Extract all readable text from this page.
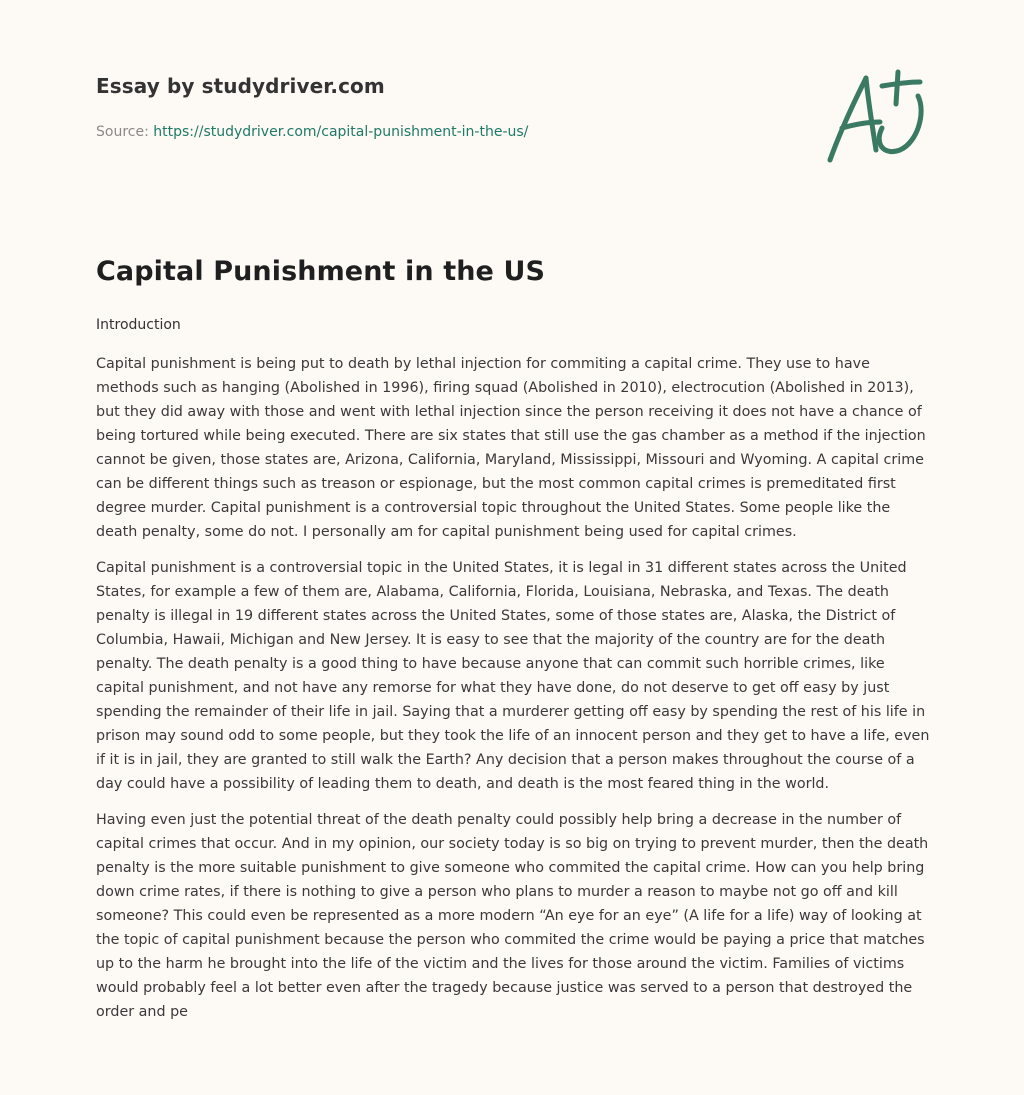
Essay by studydriver.com
Source: https://studydriver.com/capital-punishment-in-the-us/
Capital Punishment in the US

Introduction

Capital punishment is being put to death by lethal injection for commiting a capital crime. They use to have methods such as hanging (Abolished in 1996), firing squad (Abolished in 2010), electrocution (Abolished in 2013), but they did away with those and went with lethal injection since the person receiving it does not have a chance of being tortured while being executed. There are six states that still use the gas chamber as a method if the injection cannot be given, those states are, Arizona, California, Maryland, Mississippi, Missouri and Wyoming. A capital crime can be different things such as treason or espionage, but the most common capital crimes is premeditated first degree murder. Capital punishment is a controversial topic throughout the United States. Some people like the death penalty, some do not. I personally am for capital punishment being used for capital crimes.

Capital punishment is a controversial topic in the United States, it is legal in 31 different states across the United States, for example a few of them are, Alabama, California, Florida, Louisiana, Nebraska, and Texas. The death penalty is illegal in 19 different states across the United States, some of those states are, Alaska, the District of Columbia, Hawaii, Michigan and New Jersey. It is easy to see that the majority of the country are for the death penalty. The death penalty is a good thing to have because anyone that can commit such horrible crimes, like capital punishment, and not have any remorse for what they have done, do not deserve to get off easy by just spending the remainder of their life in jail. Saying that a murderer getting off easy by spending the rest of his life in prison may sound odd to some people, but they took the life of an innocent person and they get to have a life, even if it is in jail, they are granted to still walk the Earth? Any decision that a person makes throughout the course of a day could have a possibility of leading them to death, and death is the most feared thing in the world.

Having even just the potential threat of the death penalty could possibly help bring a decrease in the number of capital crimes that occur. And in my opinion, our society today is so big on trying to prevent murder, then the death penalty is the more suitable punishment to give someone who commited the capital crime. How can you help bring down crime rates, if there is nothing to give a person who plans to murder a reason to maybe not go off and kill someone? This could even be represented as a more modern “An eye for an eye” (A life for a life) way of looking at the topic of capital punishment because the person who commited the crime would be paying a price that matches up to the harm he brought into the life of the victim and the lives for those around the victim. Families of victims would probably feel a lot better even after the tragedy because justice was served to a person that destroyed the order and pe
